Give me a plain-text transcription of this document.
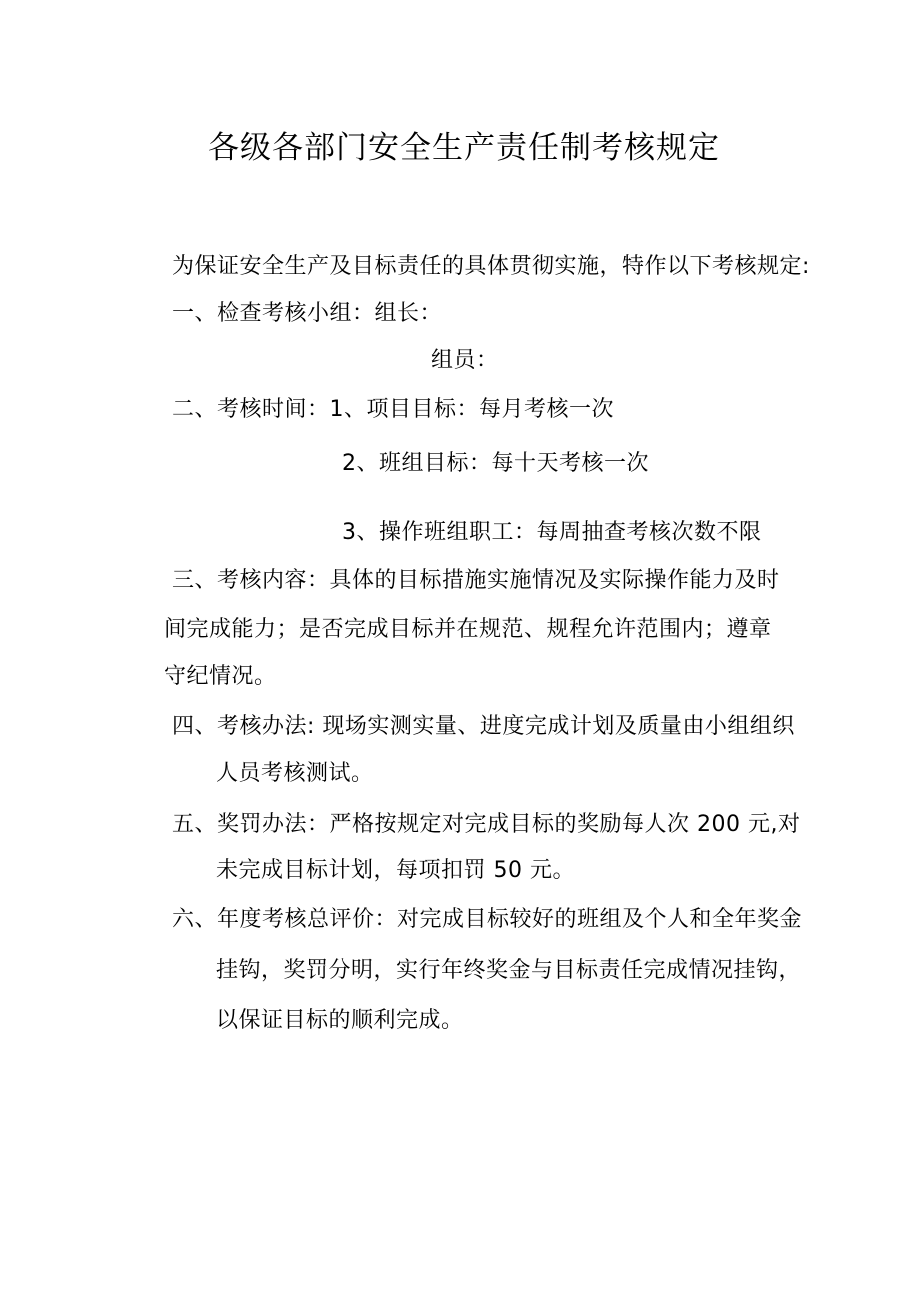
各级各部门安全生产责任制考核规定
为保证安全生产及目标责任的具体贯彻实施，特作以下考核规定:
一、检查考核小组：组长：
组员：
二、考核时间：1、项目目标：每月考核一次
2、班组目标：每十天考核一次
3、操作班组职工：每周抽查考核次数不限
三、考核内容：具体的目标措施实施情况及实际操作能力及时
间完成能力；是否完成目标并在规范、规程允许范围内；遵章
守纪情况。
四、考核办法: 现场实测实量、进度完成计划及质量由小组组织
人员考核测试。
五、奖罚办法：严格按规定对完成目标的奖励每人次 200 元,对
未完成目标计划，每项扣罚 50 元。
六、年度考核总评价：对完成目标较好的班组及个人和全年奖金
挂钩，奖罚分明，实行年终奖金与目标责任完成情况挂钩，
以保证目标的顺利完成。
